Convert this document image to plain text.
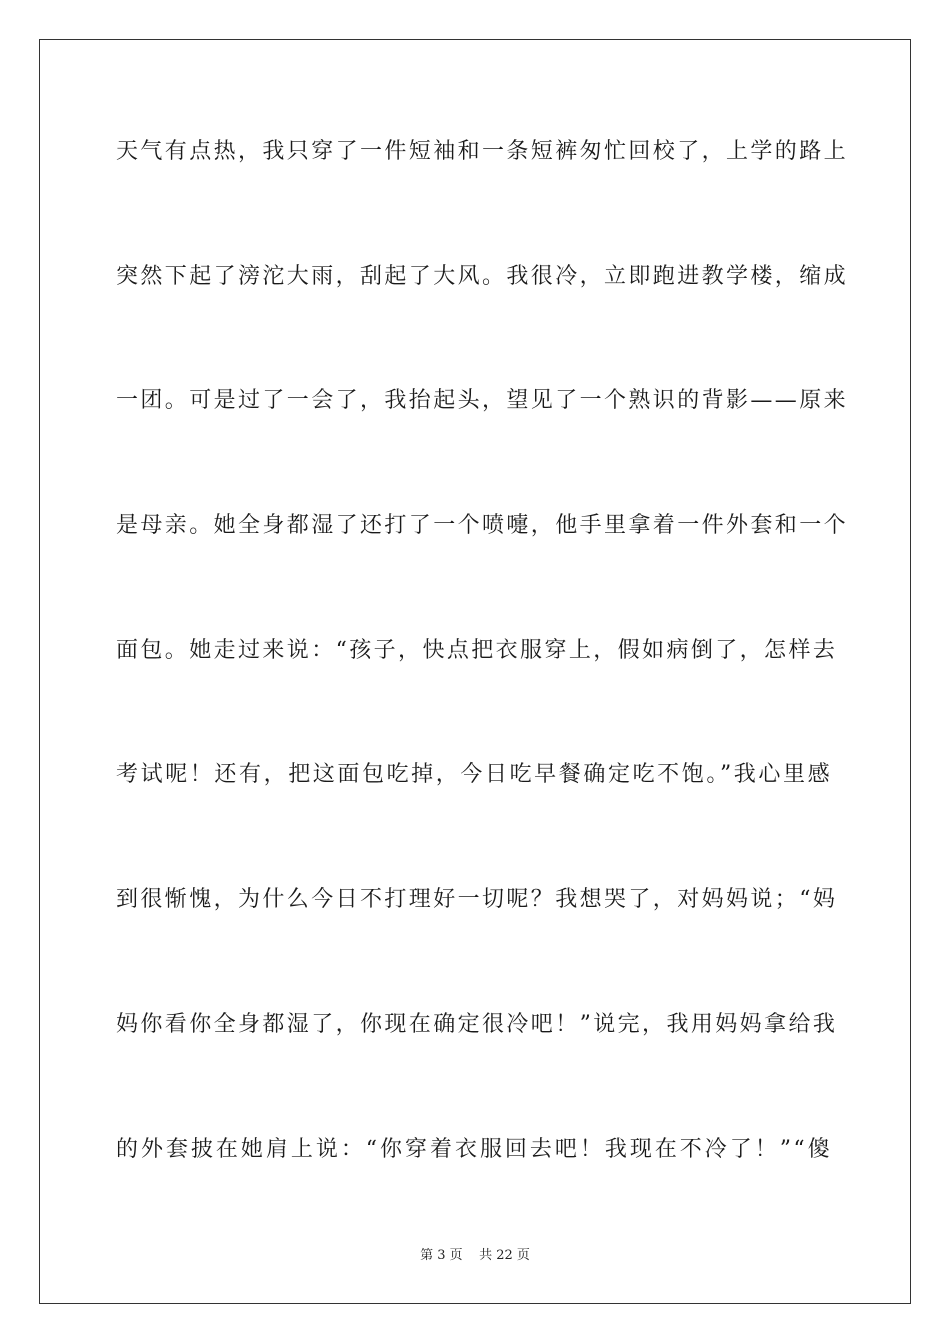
天气有点热，我只穿了一件短袖和一条短裤匆忙回校了，上学的路上
突然下起了滂沱大雨，刮起了大风。我很冷，立即跑进教学楼，缩成
一团。可是过了一会了，我抬起头，望见了一个熟识的背影——原来
是母亲。她全身都湿了还打了一个喷嚏，他手里拿着一件外套和一个
面包。她走过来说：“孩子，快点把衣服穿上，假如病倒了，怎样去
考试呢！还有，把这面包吃掉，今日吃早餐确定吃不饱。”我心里感
到很惭愧，为什么今日不打理好一切呢？我想哭了，对妈妈说；“妈
妈你看你全身都湿了，你现在确定很冷吧！”说完，我用妈妈拿给我
的外套披在她肩上说：“你穿着衣服回去吧！我现在不冷了！”“傻
第 3 页    共 22 页
